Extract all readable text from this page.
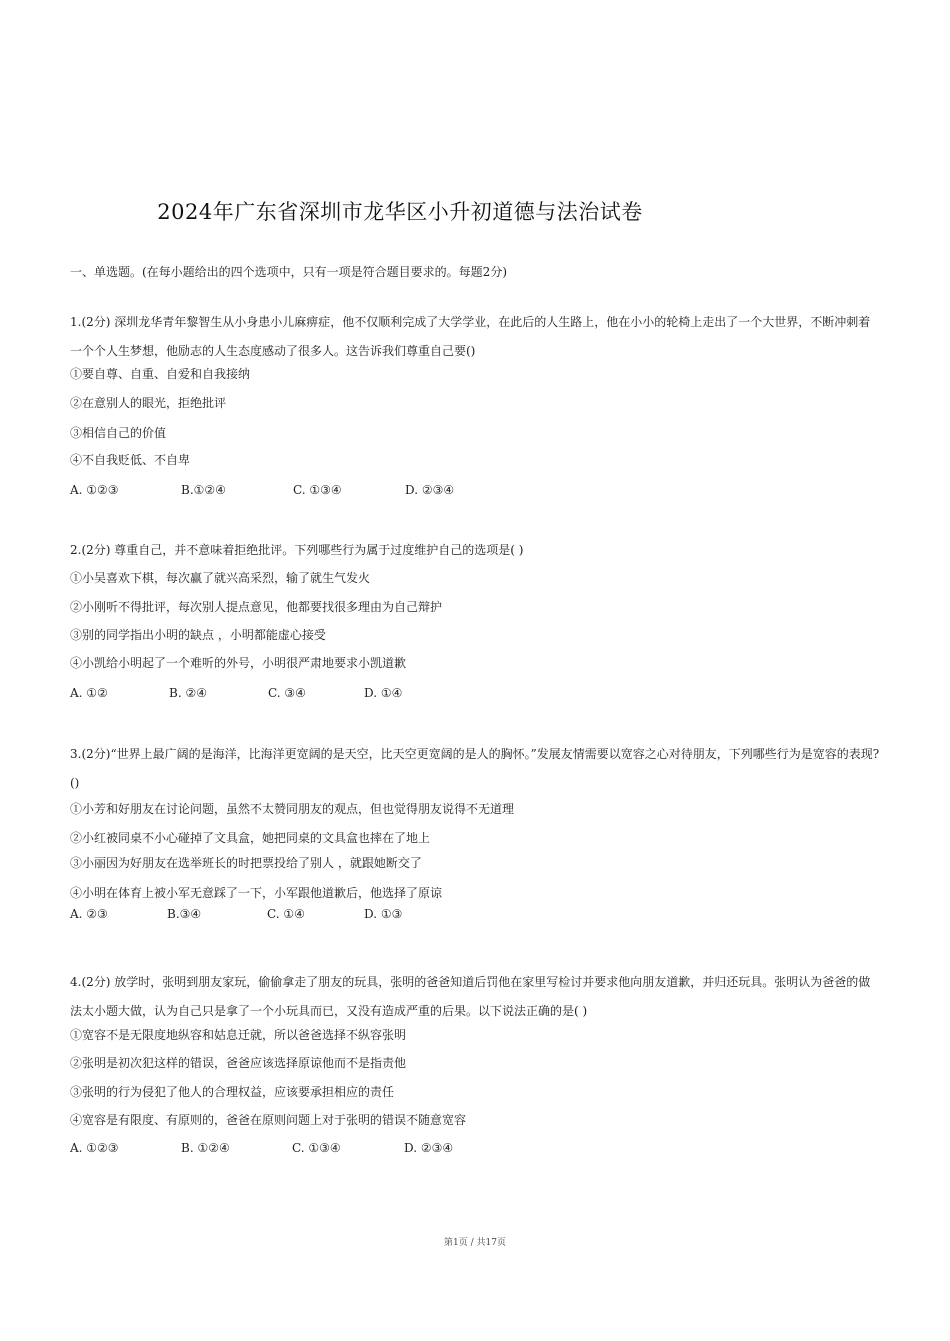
2024年广东省深圳市龙华区小升初道德与法治试卷
一、单选题。(在每小题给出的四个选项中，只有一项是符合题目要求的。每题2分)

1.(2分) 深圳龙华青年黎智生从小身患小儿麻痹症，他不仅顺利完成了大学学业，在此后的人生路上，他在小小的轮椅上走出了一个大世界，不断冲刺着一个个人生梦想，他励志的人生态度感动了很多人。这告诉我们尊重自己要()

①要自尊、自重、自爱和自我接纳

②在意别人的眼光，拒绝批评

③相信自己的价值

④不自我贬低、不自卑

A. ①②③	B.①②④	C. ①③④	D. ②③④

2.(2分) 尊重自己，并不意味着拒绝批评。下列哪些行为属于过度维护自己的选项是( )

①小吴喜欢下棋，每次赢了就兴高采烈，输了就生气发火

②小刚听不得批评，每次别人提点意见，他都要找很多理由为自己辩护

③别的同学指出小明的缺点 ，小明都能虚心接受

④小凯给小明起了一个难听的外号，小明很严肃地要求小凯道歉

A. ①②	B. ②④	C. ③④	D. ①④

3.(2分)“世界上最广阔的是海洋，比海洋更宽阔的是天空，比天空更宽阔的是人的胸怀。”发展友情需要以宽容之心对待朋友，下列哪些行为是宽容的表现?()

①小芳和好朋友在讨论问题，虽然不太赞同朋友的观点，但也觉得朋友说得不无道理

②小红被同桌不小心碰掉了文具盒，她把同桌的文具盒也摔在了地上

③小丽因为好朋友在选举班长的时把票投给了别人 ，就跟她断交了

④小明在体育上被小军无意踩了一下，小军跟他道歉后，他选择了原谅

A. ②③	B.③④	C. ①④	D. ①③

4.(2分) 放学时，张明到朋友家玩，偷偷拿走了朋友的玩具，张明的爸爸知道后罚他在家里写检讨并要求他向朋友道歉，并归还玩具。张明认为爸爸的做法太小题大做，认为自己只是拿了一个小玩具而已，又没有造成严重的后果。以下说法正确的是( )

①宽容不是无限度地纵容和姑息迁就，所以爸爸选择不纵容张明

②张明是初次犯这样的错误，爸爸应该选择原谅他而不是指责他

③张明的行为侵犯了他人的合理权益，应该要承担相应的责任

④宽容是有限度、有原则的，爸爸在原则问题上对于张明的错误不随意宽容

A. ①②③	B. ①②④	C. ①③④	D. ②③④
第1页 / 共17页
